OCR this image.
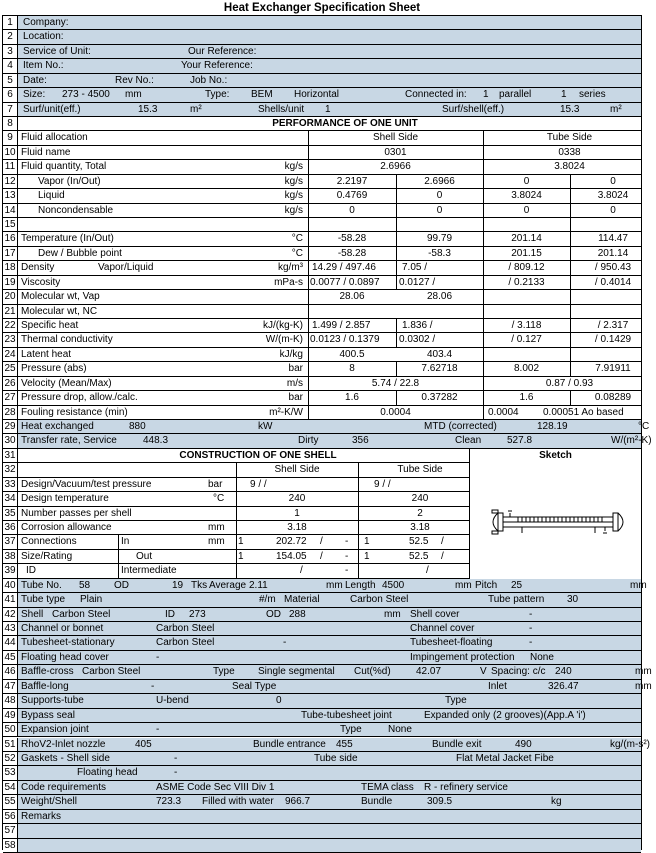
Heat Exchanger Specification Sheet
1	Company:
2	Location:
3	Service of Unit:	Our Reference:
4	Item No.:	Your Reference:
5	Date:	Rev No.:	Job No.:
6	Size:	273 - 4500	mm	Type:	BEM	Horizontal	Connected in:	1	parallel	1	series
7	Surf/unit(eff.)	15.3	m²	Shells/unit	1	Surf/shell(eff.)	15.3	m²
8	PERFORMANCE OF ONE UNIT
9 Fluid allocation	Shell Side	Tube Side
10 Fluid name	0301	0338
11 Fluid quantity, Total	kg/s	2.6966	3.8024
12 Vapor (In/Out)	kg/s	2.2197	2.6966	0	0
13 Liquid	kg/s	0.4769	0	3.8024	3.8024
14 Noncondensable	kg/s	0	0	0	0
15
16 Temperature (In/Out)	°C	-58.28	99.79	201.14	114.47
17 Dew / Bubble point	°C	-58.28	-58.3	201.15	201.14
18 Density	Vapor/Liquid	kg/m³ 14.29 / 497.46	7.05 /	/ 809.12	/ 950.43
19 Viscosity	mPa-s 0.0077 / 0.0897	0.0127 /	/ 0.2133	/ 0.4014
20 Molecular wt, Vap	28.06	28.06
21 Molecular wt, NC
22 Specific heat	kJ/(kg-K) 1.499 / 2.857	1.836 /	/ 3.118	/ 2.317
23 Thermal conductivity	W/(m-K) 0.0123 / 0.1379	0.0302 /	/ 0.127	/ 0.1429
24 Latent heat	kJ/kg	400.5	403.4
25 Pressure (abs)	bar	8	7.62718	8.002	7.91911
26 Velocity (Mean/Max)	m/s	5.74 / 22.8	0.87 / 0.93
27 Pressure drop, allow./calc.	bar	1.6	0.37282	1.6	0.08289
28 Fouling resistance (min)	m²-K/W	0.0004	0.0004	0.00051 Ao based
29 Heat exchanged	880	kW	MTD (corrected)	128.19	°C
30 Transfer rate, Service	448.3	Dirty	356	Clean	527.8	W/(m²-K)
31	CONSTRUCTION OF ONE SHELL
32	Shell Side	Tube Side
33 Design/Vacuum/test pressure	bar	9 / /	9 / /
34 Design temperature	°C	240	240
35 Number passes per shell	1	2
36 Corrosion allowance	mm	3.18	3.18
37 Connections	In	mm	1	202.72	/	-	1	52.5	/
38 Size/Rating	Out	1	154.05	/	-	1	52.5	/
39 ID	Intermediate	/	-	/
40 Tube No.	58	OD	19 Tks Average 2.11	mm Length 4500	mm Pitch	25	mm
41 Tube type	Plain	#/m Material	Carbon Steel	Tube pattern	30
42 Shell Carbon Steel	ID	273	OD 288	mm Shell cover	-
43 Channel or bonnet	Carbon Steel	Channel cover	-
44 Tubesheet-stationary	Carbon Steel	-	Tubesheet-floating	-
45 Floating head cover	-	Impingement protection	None
46 Baffle-cross Carbon Steel	Type	Single segmental	Cut(%d)	42.07	V Spacing: c/c 240	mm
47 Baffle-long	-	Seal Type	Inlet	326.47	mm
48 Supports-tube	U-bend	0	Type
49 Bypass seal	Tube-tubesheet joint	Expanded only (2 grooves)(App.A 'i')
50 Expansion joint	-	Type	None
51 RhoV2-Inlet nozzle	405	Bundle entrance	455	Bundle exit	490	kg/(m-s²)
52 Gaskets - Shell side	-	Tube side	Flat Metal Jacket Fibe
53	Floating head	-
54 Code requirements	ASME Code Sec VIII Div 1	TEMA class	R - refinery service
55 Weight/Shell	723.3	Filled with water	966.7	Bundle	309.5	kg
56 Remarks
57
58
Sketch
